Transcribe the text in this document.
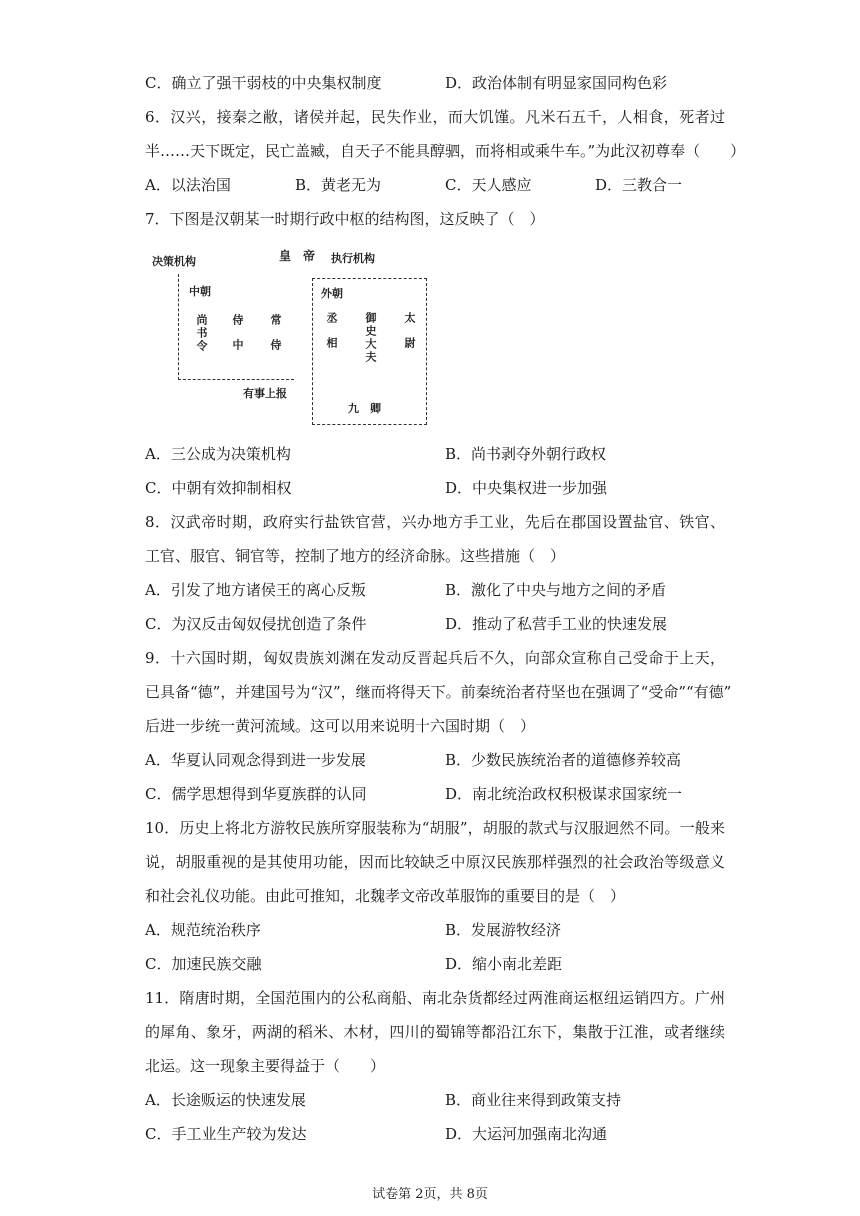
C．确立了强干弱枝的中央集权制度	D．政治体制有明显家国同构色彩
6．汉兴，接秦之敝，诸侯并起，民失作业，而大饥馑。凡米石五千，人相食，死者过
半……天下既定，民亡盖臧，自天子不能具醇驷，而将相或乘牛车。”为此汉初尊奉（　　）
A．以法治国	B．黄老无为	C．天人感应	D．三教合一
7．下图是汉朝某一时期行政中枢的结构图，这反映了（　）
决策机构	皇　帝 执行机构
中朝
尚书令 侍中 常侍
外朝
丞相 御史大夫 太尉
有事上报
九　卿
A．三公成为决策机构	B．尚书剥夺外朝行政权
C．中朝有效抑制相权	D．中央集权进一步加强
8．汉武帝时期，政府实行盐铁官营，兴办地方手工业，先后在郡国设置盐官、铁官、
工官、服官、铜官等，控制了地方的经济命脉。这些措施（　）
A．引发了地方诸侯王的离心反叛	B．激化了中央与地方之间的矛盾
C．为汉反击匈奴侵扰创造了条件	D．推动了私营手工业的快速发展
9．十六国时期，匈奴贵族刘渊在发动反晋起兵后不久，向部众宣称自己受命于上天，
已具备“德”，并建国号为“汉”，继而将得天下。前秦统治者苻坚也在强调了“受命”“有德”
后进一步统一黄河流域。这可以用来说明十六国时期（　）
A．华夏认同观念得到进一步发展	B．少数民族统治者的道德修养较高
C．儒学思想得到华夏族群的认同	D．南北统治政权积极谋求国家统一
10．历史上将北方游牧民族所穿服装称为“胡服”，胡服的款式与汉服迥然不同。一般来
说，胡服重视的是其使用功能，因而比较缺乏中原汉民族那样强烈的社会政治等级意义
和社会礼仪功能。由此可推知，北魏孝文帝改革服饰的重要目的是（　）
A．规范统治秩序	B．发展游牧经济
C．加速民族交融	D．缩小南北差距
11．隋唐时期，全国范围内的公私商船、南北杂货都经过两淮商运枢纽运销四方。广州
的犀角、象牙，两湖的稻米、木材，四川的蜀锦等都沿江东下，集散于江淮，或者继续
北运。这一现象主要得益于（　　）
A．长途贩运的快速发展	B．商业往来得到政策支持
C．手工业生产较为发达	D．大运河加强南北沟通
试卷第 2页，共 8页
